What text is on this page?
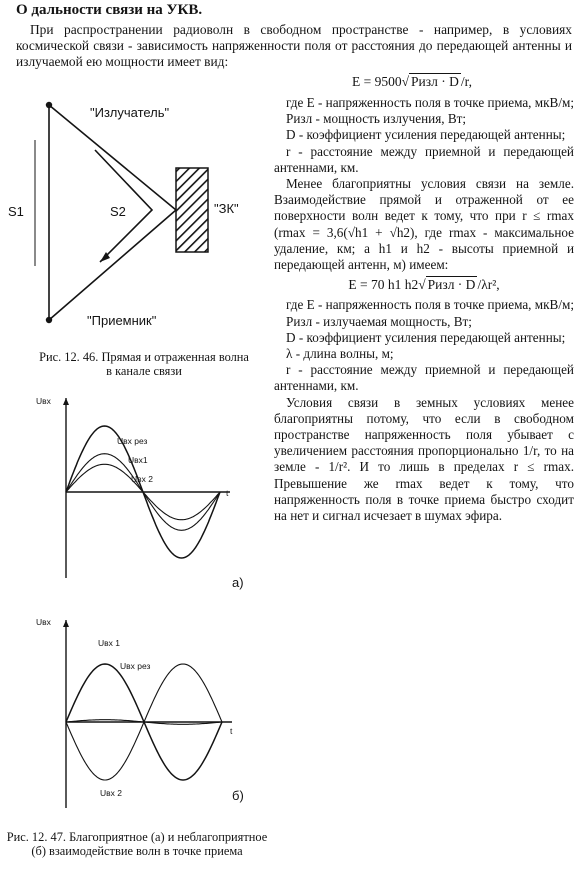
О дальности связи на УКВ.

При распространении радиоволн в свободном пространстве - например, в условиях космической связи - зависимость напряженности поля от расстояния до передающей антенны и излучаемой ею мощности имеет вид:

E = 9500√ Pизл · D /r,

где E - напряженность поля в точке приема, мкВ/м;

Pизл - мощность излучения, Вт;

D - коэффициент усиления передающей антенны;

r - расстояние между приемной и передающей антеннами, км.

Менее благоприятны условия связи на земле. Взаимодействие прямой и отраженной от ее поверхности волн ведет к тому, что при r ≤ rmax (rmax = 3,6(√h1 + √h2), где rmax - максимальное удаление, км; а h1 и h2 - высоты приемной и передающей антенн, м) имеем:

E = 70 h1 h2√ Pизл · D /λr²,

где E - напряженность поля в точке приема, мкВ/м;

Pизл - излучаемая мощность, Вт;

D - коэффициент усиления передающей антенны;

λ - длина волны, м;

r - расстояние между приемной и передающей антеннами, км.

Условия связи в земных условиях менее благоприятны потому, что если в свободном пространстве напряженность поля убывает с увеличением расстояния пропорционально 1/r, то на земле - 1/r². И то лишь в пределах r ≤ rmax. Превышение же rmax ведет к тому, что напряженность поля в точке приема быстро сходит на нет и сигнал исчезает в шумах эфира.

"Излучатель"
"Приемник"
"ЗК"
S1	S2
Рис. 12. 46. Прямая и отраженная волна в канале связи
Uвх
t
Uвх рез
Uвх1
Uвх 2
а)
Uвх
t
Uвх 1
Uвх рез
Uвх 2	б)
Рис. 12. 47. Благоприятное (а) и неблагоприятное (б) взаимодействие волн в точке приема
